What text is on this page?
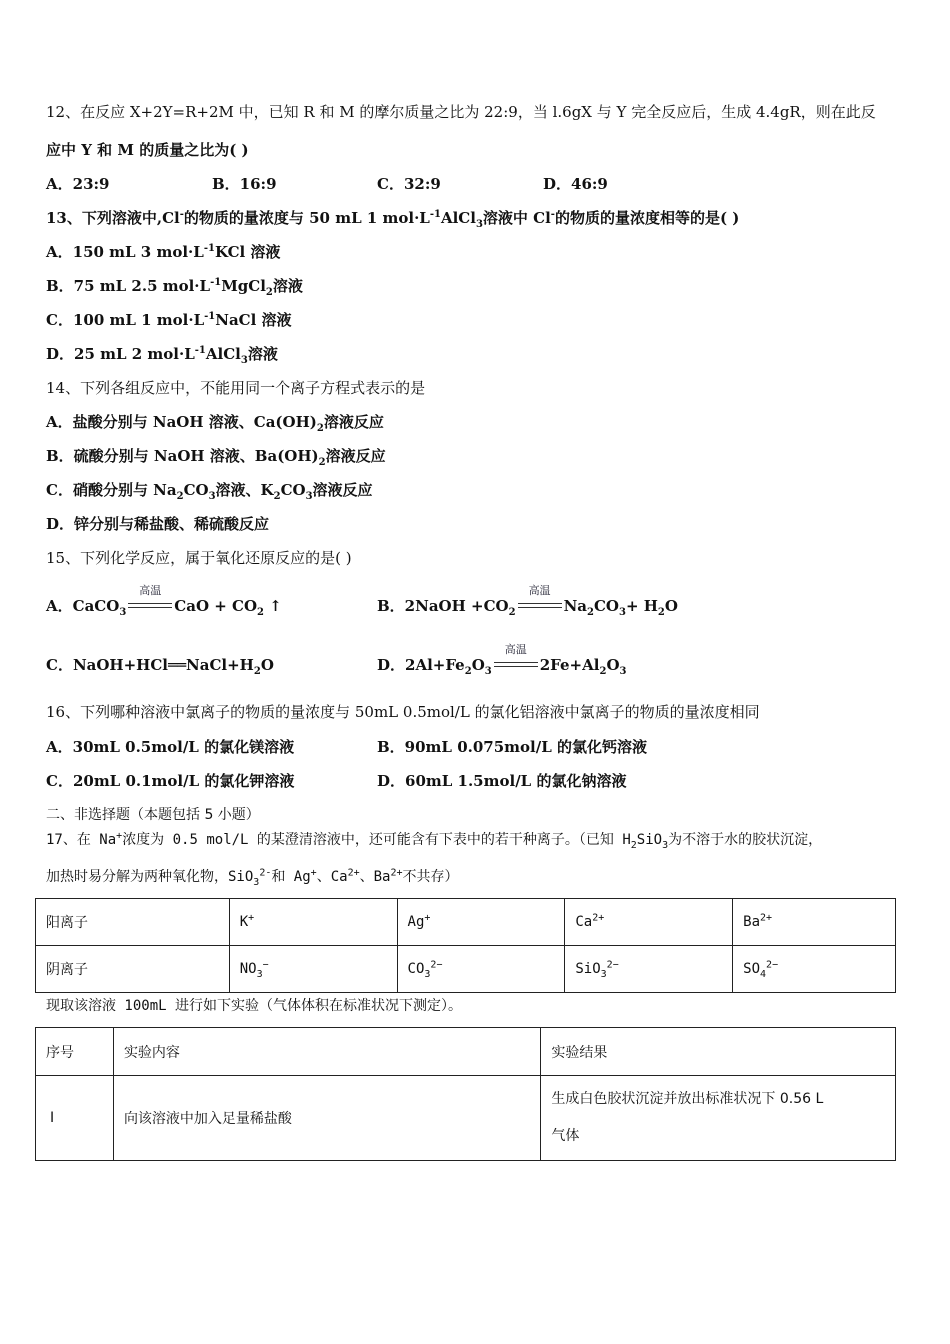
12、在反应 X+2Y=R+2M 中，已知 R 和 M 的摩尔质量之比为 22:9，当 l.6gX 与 Y 完全反应后，生成 4.4gR，则在此反
应中 Y 和 M 的质量之比为( )
A．23:9	B．16:9	C．32:9	D．46:9
13、下列溶液中,Cl-的物质的量浓度与 50 mL 1 $mol\cdot L^{-1}AlCl_3$溶液中 Cl-的物质的量浓度相等的是( )
A．150 mL 3 $mol\cdot L^{-1}KCl$ 溶液
B．75 mL 2.5 $mol\cdot L^{-1}MgCl_2$溶液
C．100 mL 1 $mol\cdot L^{-1}NaCl$ 溶液
D．25 mL 2 $mol\cdot L^{-1}AlCl_3$溶液
14、下列各组反应中，不能用同一个离子方程式表示的是
A．盐酸分别与 NaOH 溶液、$Ca(OH)_2$溶液反应
B．硫酸分别与 NaOH 溶液、$Ba(OH)_2$溶液反应
C．硝酸分别与 $Na_2CO_3$溶液、$K_2CO_3$溶液反应
D．锌分别与稀盐酸、稀硫酸反应
15、下列化学反应，属于氧化还原反应的是( )
A．CaCO$_3$
高温
CaO + $CO_2$ ↑	B．2NaOH $+CO_2$
高温
$Na_2CO_3+ H_2O$
C．$NaOH+HCl══NaCl+H_2O$	D．$2Al+Fe_2O_3$
高温
$2Fe+Al_2O_3$
16、下列哪种溶液中氯离子的物质的量浓度与 50mL 0.5mol/L 的氯化铝溶液中氯离子的物质的量浓度相同
A．30mL 0.5mol/L 的氯化镁溶液	B．90mL 0.075mol/L 的氯化钙溶液
C．20mL 0.1mol/L 的氯化钾溶液	D．60mL 1.5mol/L 的氯化钠溶液
二、非选择题（本题包括 5 小题）
17、在 Na+浓度为 0.5 mol/L 的某澄清溶液中，还可能含有下表中的若干种离子。（已知 $H_2SiO_3$为不溶于水的胶状沉淀，
加热时易分解为两种氧化物，SiO$_3^{2-}$和 Ag+、$Ca^{2+}$、$Ba^{2+}$不共存）
阳离子	K+	Ag+	$Ca^{2+}$	$Ba^{2+}$
阴离子	$NO_3^-$	$CO_3^{2-}$	SiO$_3^{2-}$	$SO_4^{2-}$
现取该溶液 100mL 进行如下实验（气体体积在标准状况下测定）。
序号	实验内容	实验结果
Ⅰ	向该溶液中加入足量稀盐酸	生成白色胶状沉淀并放出标准状况下 0.56 L
气体
